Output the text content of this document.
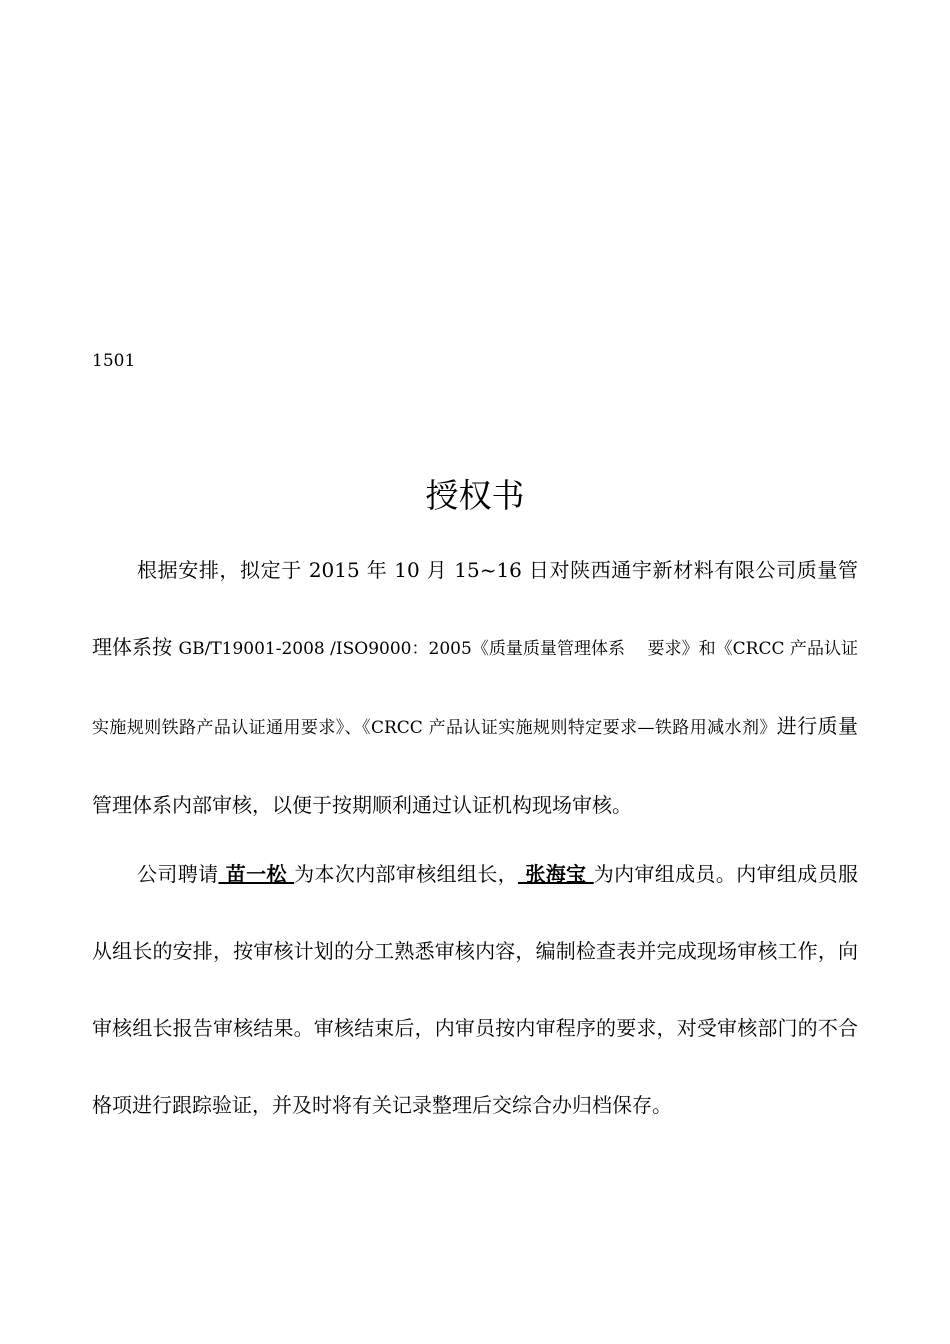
1501

授权书

根据安排，拟定于 2015 年 10 月 15~16 日对陕西通宇新材料有限公司质量管理体系按 GB/T19001-2008 /ISO9000：2005《质量质量管理体系 　要求》和《CRCC 产品认证实施规则铁路产品认证通用要求》、《CRCC 产品认证实施规则特定要求—铁路用减水剂》进行质量管理体系内部审核，以便于按期顺利通过认证机构现场审核。

公司聘请 苗一松 为本次内部审核组组长， 张海宝 为内审组成员。内审组成员服从组长的安排，按审核计划的分工熟悉审核内容，编制检查表并完成现场审核工作，向审核组长报告审核结果。审核结束后，内审员按内审程序的要求，对受审核部门的不合格项进行跟踪验证，并及时将有关记录整理后交综合办归档保存。
